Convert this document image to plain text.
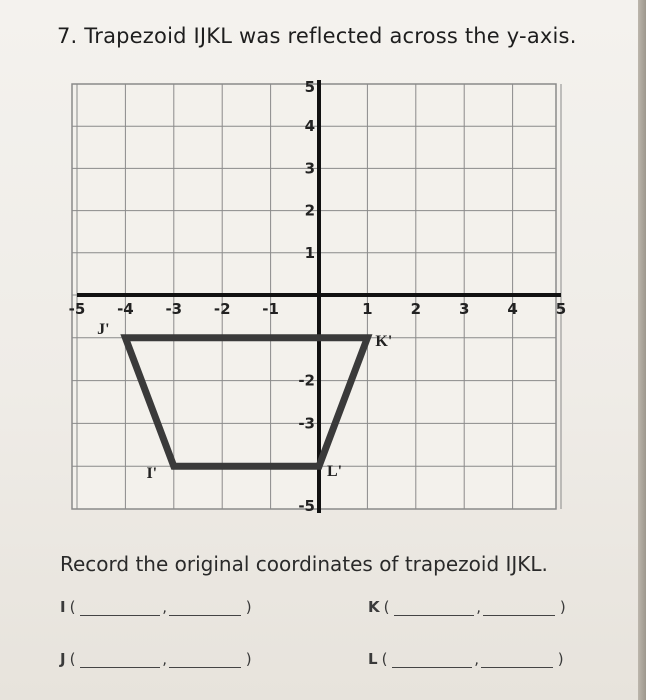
7. Trapezoid IJKL was reflected across the y-axis.
-5 -4 -3 -2 -1	1	2	3	4	5
5
4
3
2
1
-2
-3
-5
J'
K'
L'
I'

Record the original coordinates of trapezoid IJKL.

I (	,	)	K (	,	)
J (	,	)	L (	,	)
